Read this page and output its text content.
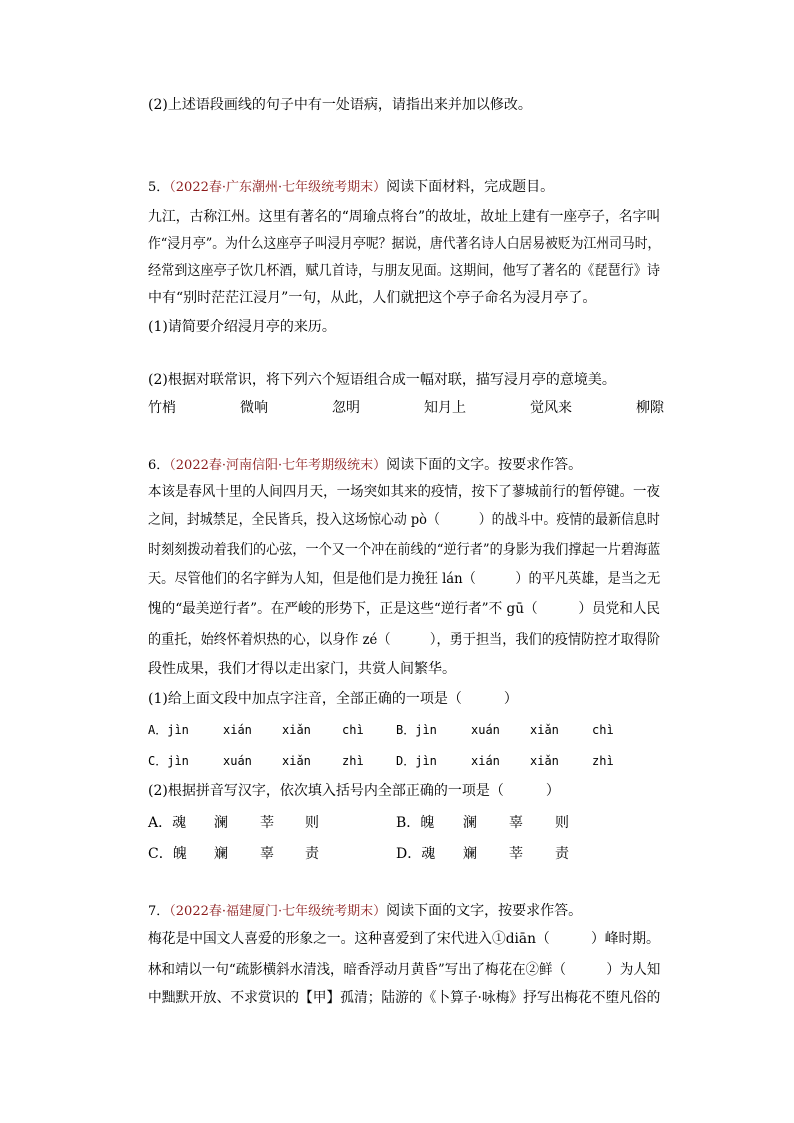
(2)上述语段画线的句子中有一处语病，请指出来并加以修改。
5．（2022春·广东潮州·七年级统考期末）阅读下面材料，完成题目。
九江，古称江州。这里有著名的“周瑜点将台”的故址，故址上建有一座亭子，名字叫
作“浸月亭”。为什么这座亭子叫浸月亭呢？据说，唐代著名诗人白居易被贬为江州司马时，
经常到这座亭子饮几杯酒，赋几首诗，与朋友见面。这期间，他写了著名的《琵琶行》诗
中有“别时茫茫江浸月”一句，从此，人们就把这个亭子命名为浸月亭了。
(1)请简要介绍浸月亭的来历。
(2)根据对联常识，将下列六个短语组合成一幅对联，描写浸月亭的意境美。
竹梢	微响	忽明	知月上	觉风来	柳隙
6．（2022春·河南信阳·七年考期级统末）阅读下面的文字。按要求作答。
本该是春风十里的人间四月天，一场突如其来的疫情，按下了蓼城前行的暂停键。一夜
之间，封城禁足，全民皆兵，投入这场惊心动 pò（　　　）的战斗中。疫情的最新信息时
时刻刻拨动着我们的心弦，一个又一个冲在前线的“逆行者”的身影为我们撑起一片碧海蓝
天。尽管他们的名字鲜为人知，但是他们是力挽狂 lán（　　　）的平凡英雄，是当之无
愧的“最美逆行者”。在严峻的形势下，正是这些“逆行者”不 gū（　　　）员党和人民
的重托，始终怀着炽热的心，以身作 zé（　　　），勇于担当，我们的疫情防控才取得阶
段性成果，我们才得以走出家门，共赏人间繁华。
(1)给上面文段中加点字注音，全部正确的一项是（　　　）
A．jìn	xián	xiǎn	chì	B．jìn	xuán	xiǎn	chì
C．jìn	xuán	xiǎn	zhì	D．jìn	xián	xiǎn	zhì
(2)根据拼音写汉字，依次填入括号内全部正确的一项是（　　　）
A．魂 澜 莘 则	B．魄 澜 辜 则
C．魄 斓 辜 责	D．魂 斓 莘 责
7．（2022春·福建厦门·七年级统考期末）阅读下面的文字，按要求作答。
梅花是中国文人喜爱的形象之一。这种喜爱到了宋代进入①diān（　　　）峰时期。
林和靖以一句“疏影横斜水清浅，暗香浮动月黄昏”写出了梅花在②鲜（　　　）为人知
中黜默开放、不求赏识的【甲】孤清；陆游的《卜算子·咏梅》抒写出梅花不堕凡俗的
